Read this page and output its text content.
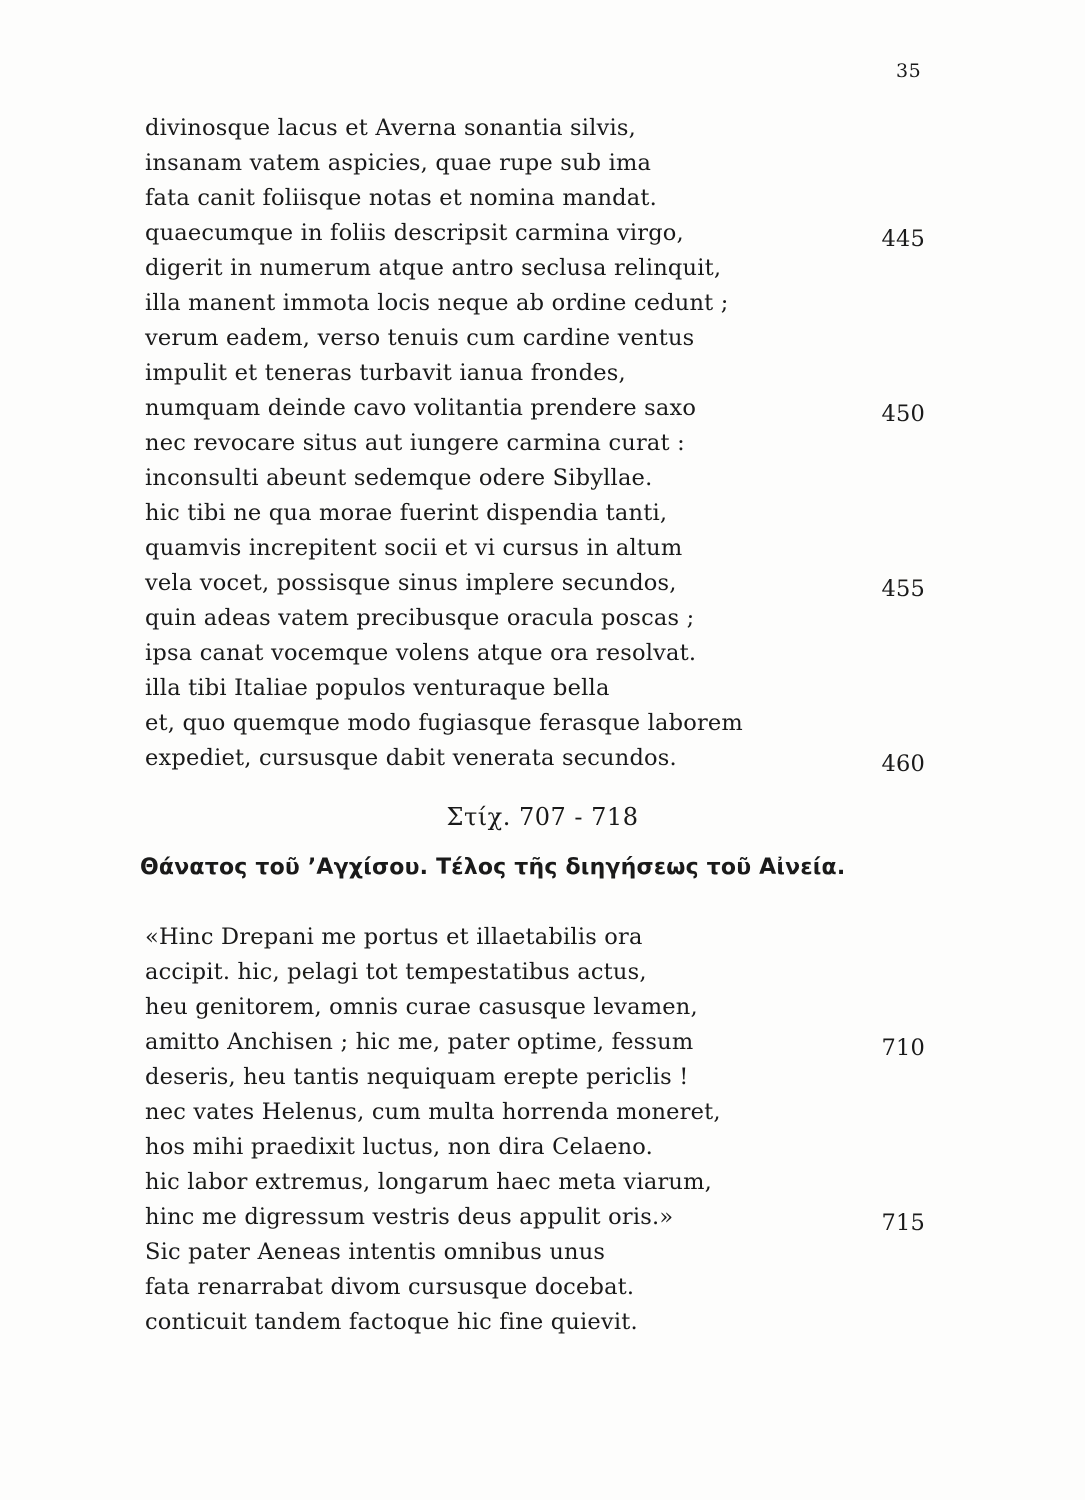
35
divinosque lacus et Averna sonantia silvis,
insanam vatem aspicies, quae rupe sub ima
fata canit foliisque notas et nomina mandat.
quaecumque in foliis descripsit carmina virgo,	445
digerit in numerum atque antro seclusa relinquit,
illa manent immota locis neque ab ordine cedunt ;
verum eadem, verso tenuis cum cardine ventus
impulit et teneras turbavit ianua frondes,
numquam deinde cavo volitantia prendere saxo	450
nec revocare situs aut iungere carmina curat :
inconsulti abeunt sedemque odere Sibyllae.
hic tibi ne qua morae fuerint dispendia tanti,
quamvis increpitent socii et vi cursus in altum
vela vocet, possisque sinus implere secundos,	455
quin adeas vatem precibusque oracula poscas ;
ipsa canat vocemque volens atque ora resolvat.
illa tibi Italiae populos venturaque bella
et, quo quemque modo fugiasque ferasque laborem
expediet, cursusque dabit venerata secundos.	460
Στίχ. 707 - 718
Θάνατος τοῦ ’Αγχίσου. Τέλος τῆς διηγήσεως τοῦ Αἰνεία.
«Hinc Drepani me portus et illaetabilis ora
accipit. hic, pelagi tot tempestatibus actus,
heu genitorem, omnis curae casusque levamen,
amitto Anchisen ; hic me, pater optime, fessum	710
deseris, heu tantis nequiquam erepte periclis !
nec vates Helenus, cum multa horrenda moneret,
hos mihi praedixit luctus, non dira Celaeno.
hic labor extremus, longarum haec meta viarum,
hinc me digressum vestris deus appulit oris.»	715
Sic pater Aeneas intentis omnibus unus
fata renarrabat divom cursusque docebat.
conticuit tandem factoque hic fine quievit.
